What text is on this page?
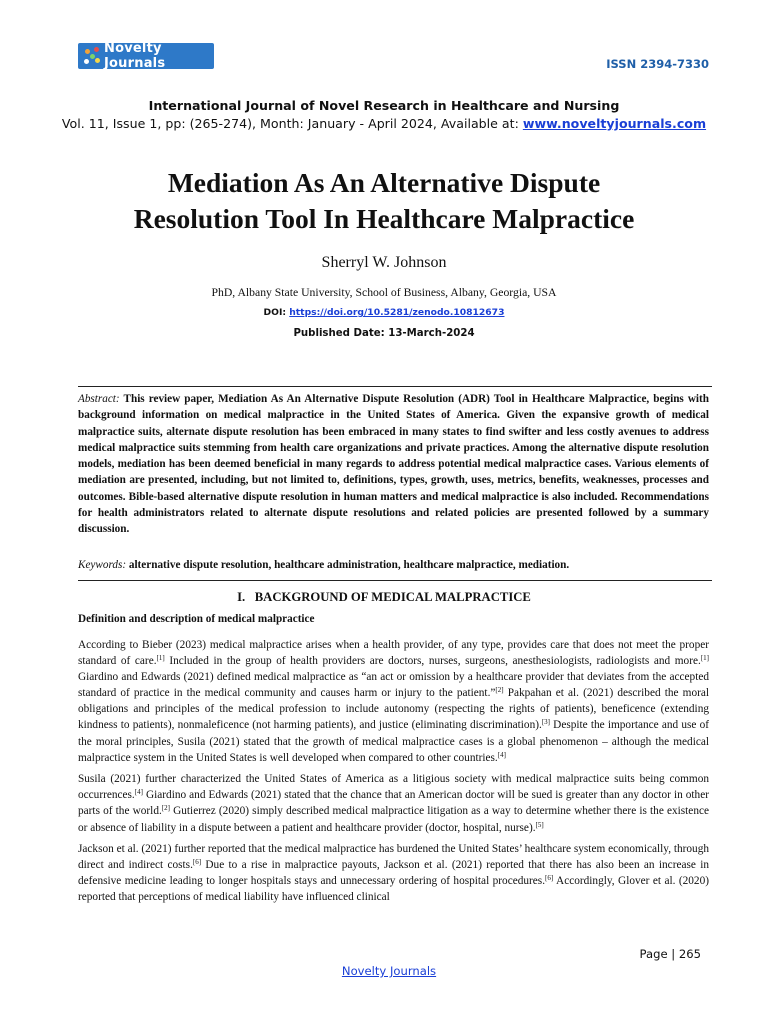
Novelty Journals	ISSN 2394-7330
International Journal of Novel Research in Healthcare and Nursing
Vol. 11, Issue 1, pp: (265-274), Month: January - April 2024, Available at: www.noveltyjournals.com
Mediation As An Alternative Dispute
Resolution Tool In Healthcare Malpractice
Sherryl W. Johnson
PhD, Albany State University, School of Business, Albany, Georgia, USA
DOI: https://doi.org/10.5281/zenodo.10812673
Published Date: 13-March-2024
Abstract: This review paper, Mediation As An Alternative Dispute Resolution (ADR) Tool in Healthcare Malpractice, begins with background information on medical malpractice in the United States of America. Given the expansive growth of medical malpractice suits, alternate dispute resolution has been embraced in many states to find swifter and less costly avenues to address medical malpractice suits stemming from health care organizations and private practices. Among the alternative dispute resolution models, mediation has been deemed beneficial in many regards to address potential medical malpractice cases. Various elements of mediation are presented, including, but not limited to, definitions, types, growth, uses, metrics, benefits, weaknesses, processes and outcomes. Bible-based alternative dispute resolution in human matters and medical malpractice is also included. Recommendations for health administrators related to alternate dispute resolutions and related policies are presented followed by a summary discussion.
Keywords: alternative dispute resolution, healthcare administration, healthcare malpractice, mediation.
I.   BACKGROUND OF MEDICAL MALPRACTICE
Definition and description of medical malpractice

According to Bieber (2023) medical malpractice arises when a health provider, of any type, provides care that does not meet the proper standard of care.[1] Included in the group of health providers are doctors, nurses, surgeons, anesthesiologists, radiologists and more.[1] Giardino and Edwards (2021) defined medical malpractice as “an act or omission by a healthcare provider that deviates from the accepted standard of practice in the medical community and causes harm or injury to the patient.”[2] Pakpahan et al. (2021) described the moral obligations and principles of the medical profession to include autonomy (respecting the rights of patients), beneficence (extending kindness to patients), nonmaleficence (not harming patients), and justice (eliminating discrimination).[3] Despite the importance and use of the moral principles, Susila (2021) stated that the growth of medical malpractice cases is a global phenomenon – although the medical malpractice system in the United States is well developed when compared to other countries.[4]

Susila (2021) further characterized the United States of America as a litigious society with medical malpractice suits being common occurrences.[4] Giardino and Edwards (2021) stated that the chance that an American doctor will be sued is greater than any doctor in other parts of the world.[2] Gutierrez (2020) simply described medical malpractice litigation as a way to determine whether there is the existence or absence of liability in a dispute between a patient and healthcare provider (doctor, hospital, nurse).[5]

Jackson et al. (2021) further reported that the medical malpractice has burdened the United States’ healthcare system economically, through direct and indirect costs.[6] Due to a rise in malpractice payouts, Jackson et al. (2021) reported that there has also been an increase in defensive medicine leading to longer hospitals stays and unnecessary ordering of hospital procedures.[6] Accordingly, Glover et al. (2020) reported that perceptions of medical liability have influenced clinical

Page | 265
Novelty Journals
